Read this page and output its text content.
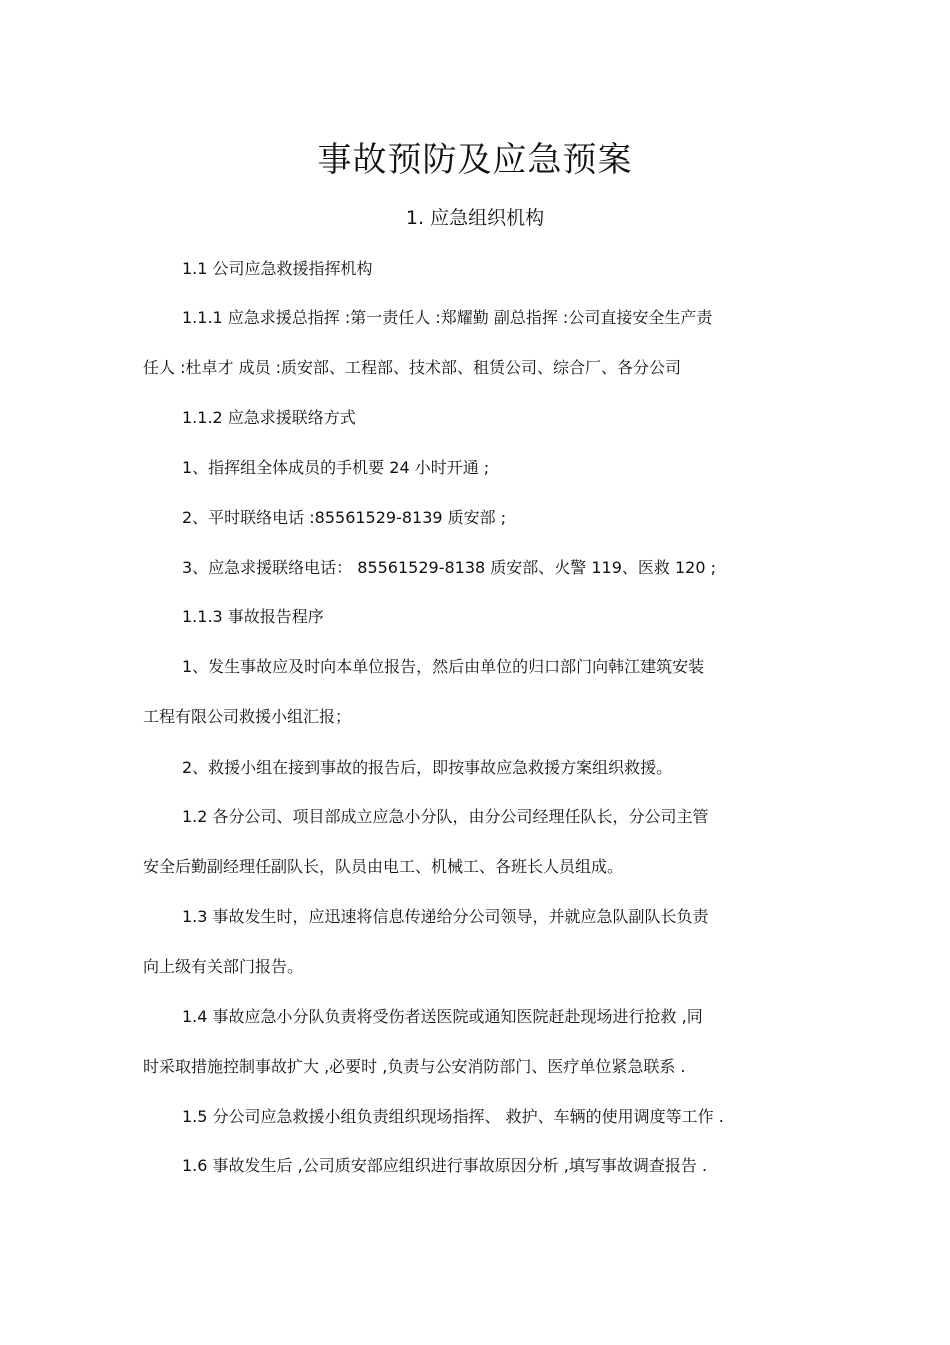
事故预防及应急预案
1. 应急组织机构
1.1 公司应急救援指挥机构
1.1.1 应急求援总指挥 :第一责任人 :郑耀勤 副总指挥 :公司直接安全生产责
任人 :杜卓才 成员 :质安部、工程部、技术部、租赁公司、综合厂、各分公司
1.1.2 应急求援联络方式
1、指挥组全体成员的手机要 24 小时开通 ;
2、平时联络电话 :85561529-8139 质安部 ;
3、应急求援联络电话： 85561529-8138 质安部、火警 119、医救 120 ;
1.1.3 事故报告程序
1、发生事故应及时向本单位报告，然后由单位的归口部门向韩江建筑安装
工程有限公司救援小组汇报；
2、救援小组在接到事故的报告后，即按事故应急救援方案组织救援。
1.2 各分公司、项目部成立应急小分队，由分公司经理任队长，分公司主管
安全后勤副经理任副队长，队员由电工、机械工、各班长人员组成。
1.3 事故发生时，应迅速将信息传递给分公司领导，并就应急队副队长负责
向上级有关部门报告。
1.4 事故应急小分队负责将受伤者送医院或通知医院赶赴现场进行抢救 ,同
时采取措施控制事故扩大 ,必要时 ,负责与公安消防部门、医疗单位紧急联系 .
1.5 分公司应急救援小组负责组织现场指挥、 救护、车辆的使用调度等工作 .
1.6 事故发生后 ,公司质安部应组织进行事故原因分析 ,填写事故调查报告 .
